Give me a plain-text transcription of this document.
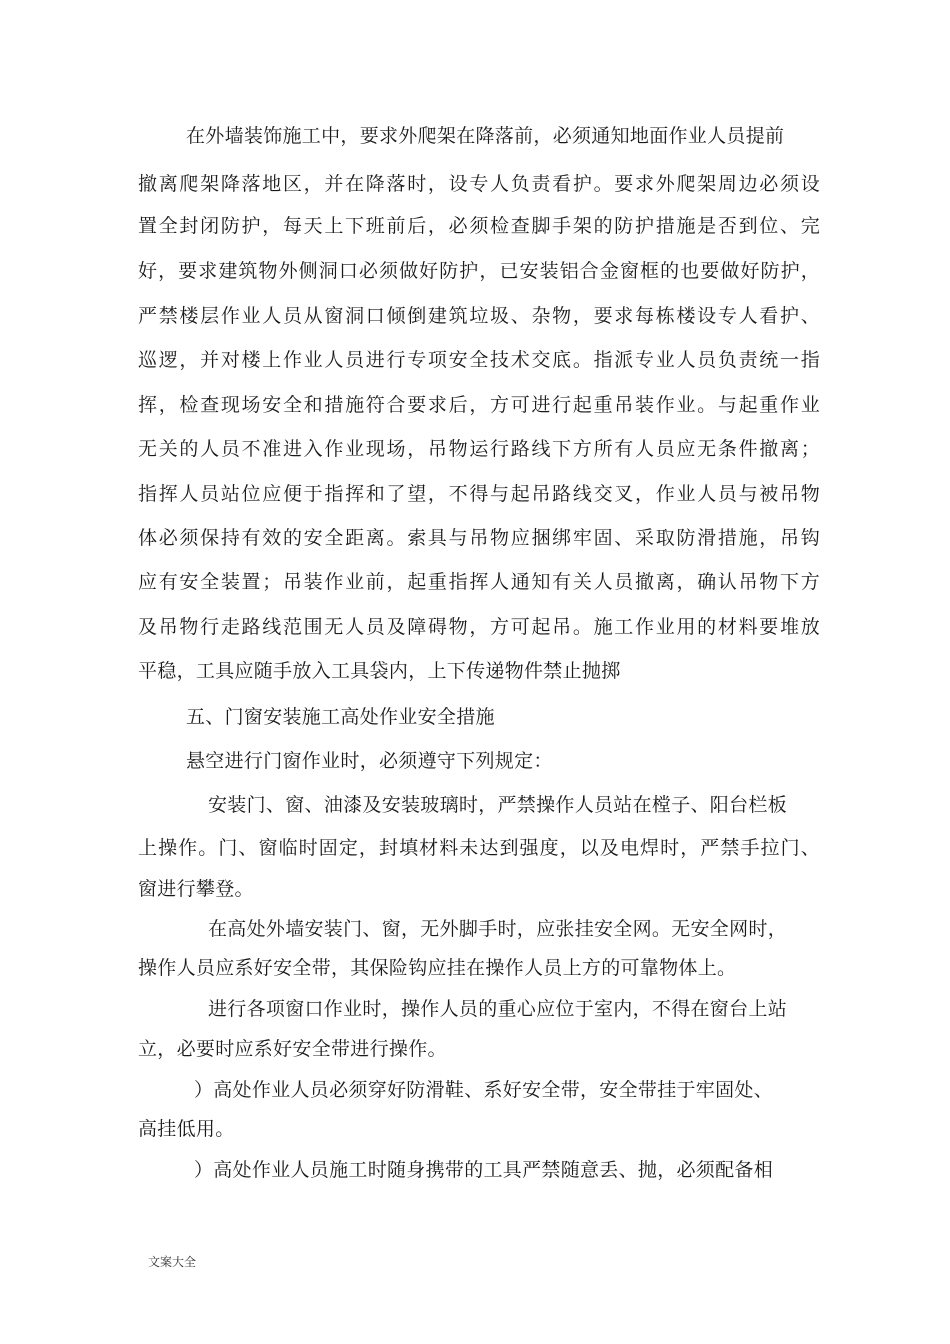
在外墙装饰施工中，要求外爬架在降落前，必须通知地面作业人员提前
撤离爬架降落地区，并在降落时，设专人负责看护。要求外爬架周边必须设
置全封闭防护，每天上下班前后，必须检查脚手架的防护措施是否到位、完
好，要求建筑物外侧洞口必须做好防护，已安装铝合金窗框的也要做好防护，
严禁楼层作业人员从窗洞口倾倒建筑垃圾、杂物，要求每栋楼设专人看护、
巡逻，并对楼上作业人员进行专项安全技术交底。指派专业人员负责统一指
挥，检查现场安全和措施符合要求后，方可进行起重吊装作业。与起重作业
无关的人员不准进入作业现场，吊物运行路线下方所有人员应无条件撤离；
指挥人员站位应便于指挥和了望，不得与起吊路线交叉，作业人员与被吊物
体必须保持有效的安全距离。索具与吊物应捆绑牢固、采取防滑措施，吊钩
应有安全装置；吊装作业前，起重指挥人通知有关人员撤离，确认吊物下方
及吊物行走路线范围无人员及障碍物，方可起吊。施工作业用的材料要堆放
平稳，工具应随手放入工具袋内，上下传递物件禁止抛掷
五、门窗安装施工高处作业安全措施
悬空进行门窗作业时，必须遵守下列规定：
安装门、窗、油漆及安装玻璃时，严禁操作人员站在樘子、阳台栏板
上操作。门、窗临时固定，封填材料未达到强度，以及电焊时，严禁手拉门、
窗进行攀登。
在高处外墙安装门、窗，无外脚手时，应张挂安全网。无安全网时，
操作人员应系好安全带，其保险钩应挂在操作人员上方的可靠物体上。
进行各项窗口作业时，操作人员的重心应位于室内，不得在窗台上站
立，必要时应系好安全带进行操作。
）高处作业人员必须穿好防滑鞋、系好安全带，安全带挂于牢固处、
高挂低用。
）高处作业人员施工时随身携带的工具严禁随意丢、抛，必须配备相
文案大全
